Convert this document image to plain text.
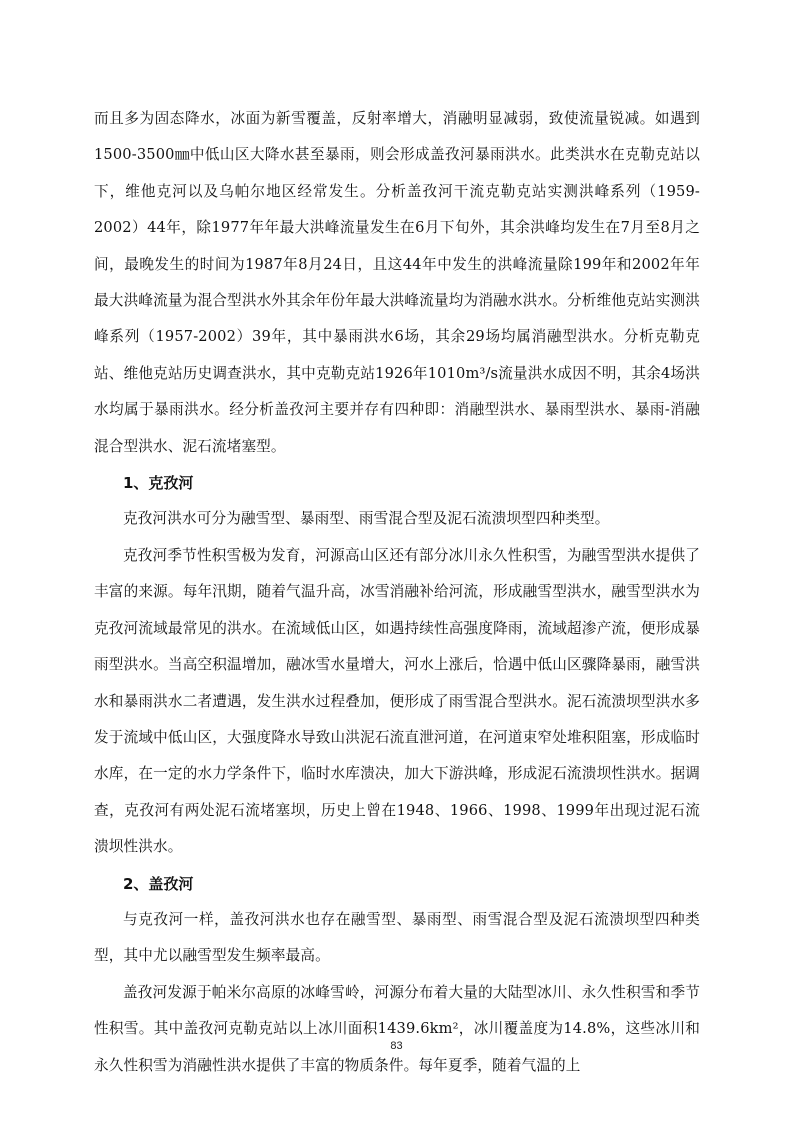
而且多为固态降水，冰面为新雪覆盖，反射率增大，消融明显减弱，致使流量锐减。如遇到1500-3500㎜中低山区大降水甚至暴雨，则会形成盖孜河暴雨洪水。此类洪水在克勒克站以下，维他克河以及乌帕尔地区经常发生。分析盖孜河干流克勒克站实测洪峰系列（1959-2002）44年，除1977年年最大洪峰流量发生在6月下旬外，其余洪峰均发生在7月至8月之间，最晚发生的时间为1987年8月24日，且这44年中发生的洪峰流量除199年和2002年年最大洪峰流量为混合型洪水外其余年份年最大洪峰流量均为消融水洪水。分析维他克站实测洪峰系列（1957-2002）39年，其中暴雨洪水6场，其余29场均属消融型洪水。分析克勒克站、维他克站历史调查洪水，其中克勒克站1926年1010m³/s流量洪水成因不明，其余4场洪水均属于暴雨洪水。经分析盖孜河主要并存有四种即：消融型洪水、暴雨型洪水、暴雨-消融混合型洪水、泥石流堵塞型。

1、克孜河

克孜河洪水可分为融雪型、暴雨型、雨雪混合型及泥石流溃坝型四种类型。

克孜河季节性积雪极为发育，河源高山区还有部分冰川永久性积雪，为融雪型洪水提供了丰富的来源。每年汛期，随着气温升高，冰雪消融补给河流，形成融雪型洪水，融雪型洪水为克孜河流域最常见的洪水。在流域低山区，如遇持续性高强度降雨，流域超渗产流，便形成暴雨型洪水。当高空积温增加，融冰雪水量增大，河水上涨后，恰遇中低山区骤降暴雨，融雪洪水和暴雨洪水二者遭遇，发生洪水过程叠加，便形成了雨雪混合型洪水。泥石流溃坝型洪水多发于流域中低山区，大强度降水导致山洪泥石流直泄河道，在河道束窄处堆积阻塞，形成临时水库，在一定的水力学条件下，临时水库溃决，加大下游洪峰，形成泥石流溃坝性洪水。据调查，克孜河有两处泥石流堵塞坝，历史上曾在1948、1966、1998、1999年出现过泥石流溃坝性洪水。

2、盖孜河

与克孜河一样，盖孜河洪水也存在融雪型、暴雨型、雨雪混合型及泥石流溃坝型四种类型，其中尤以融雪型发生频率最高。

盖孜河发源于帕米尔高原的冰峰雪岭，河源分布着大量的大陆型冰川、永久性积雪和季节性积雪。其中盖孜河克勒克站以上冰川面积1439.6km²，冰川覆盖度为14.8%，这些冰川和永久性积雪为消融性洪水提供了丰富的物质条件。每年夏季，随着气温的上

83
